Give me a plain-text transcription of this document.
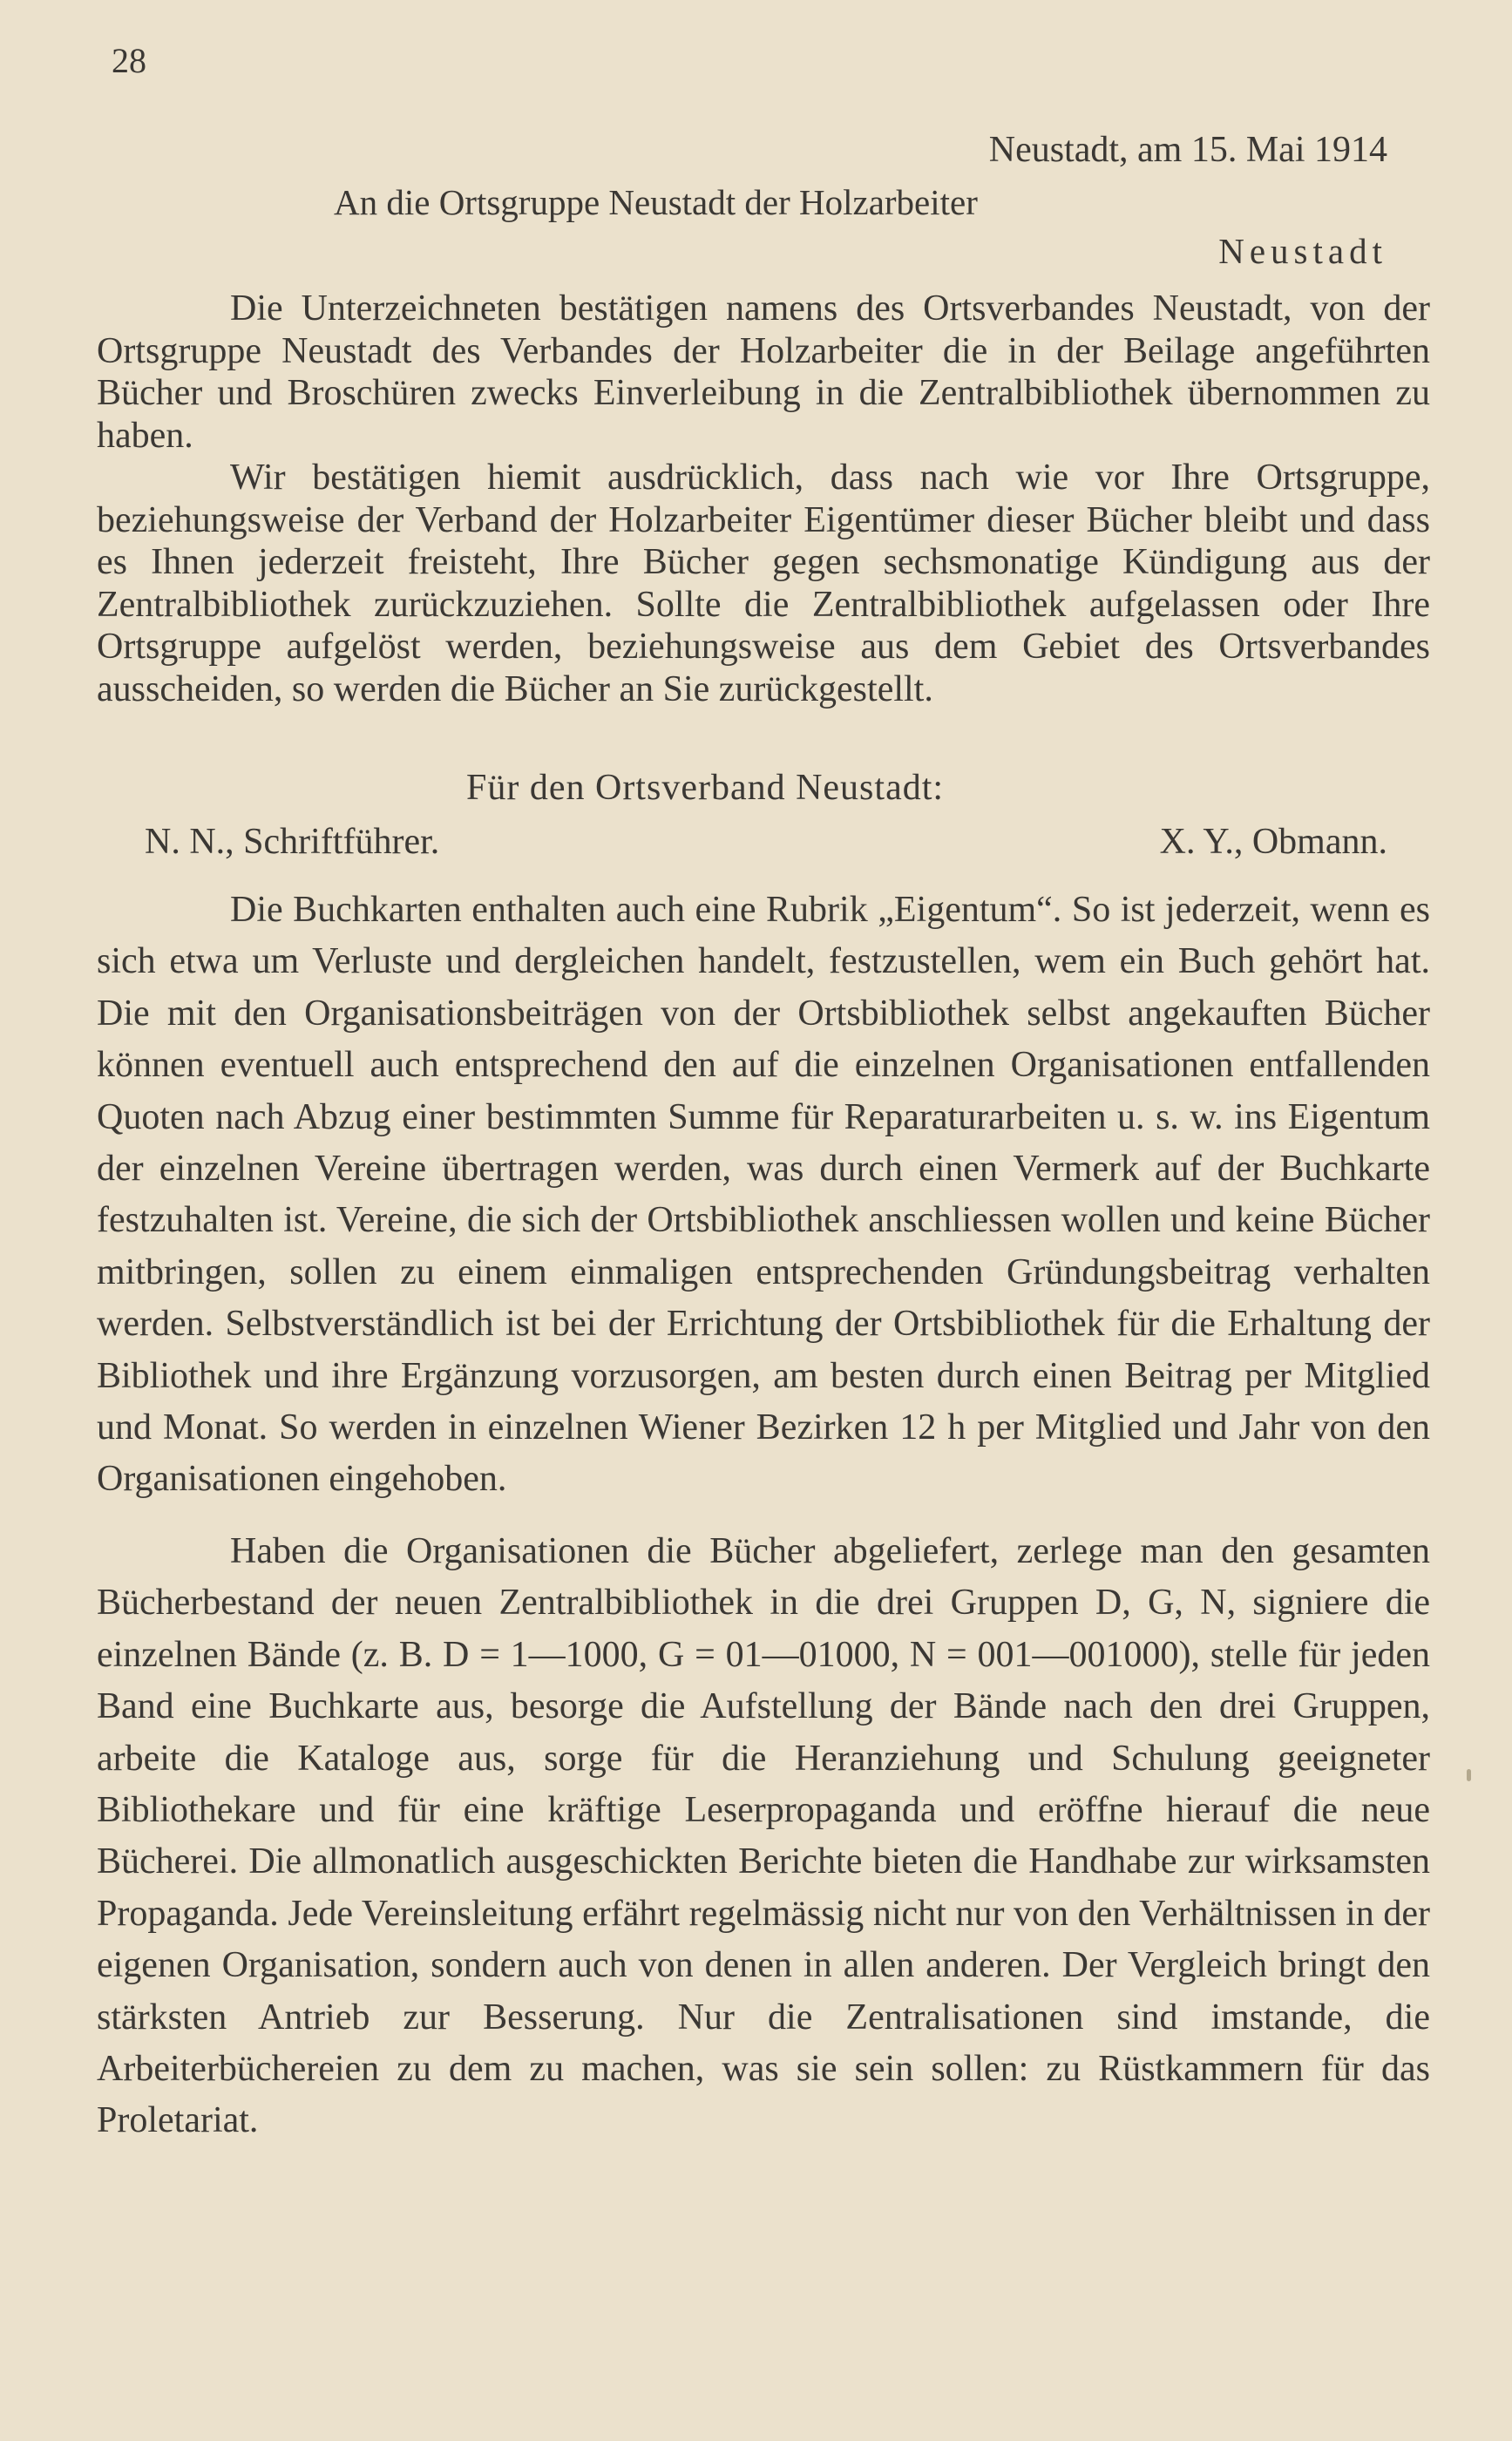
28
Neustadt, am 15. Mai 1914
An die Ortsgruppe Neustadt der Holzarbeiter
Neustadt

Die Unterzeichneten bestätigen namens des Ortsverbandes Neustadt, von der Ortsgruppe Neustadt des Verbandes der Holzarbeiter die in der Beilage angeführten Bücher und Broschüren zwecks Einverleibung in die Zentralbibliothek übernommen zu haben.

Wir bestätigen hiemit ausdrücklich, dass nach wie vor Ihre Ortsgruppe, beziehungsweise der Verband der Holzarbeiter Eigentümer dieser Bücher bleibt und dass es Ihnen jederzeit freisteht, Ihre Bücher gegen sechsmonatige Kündigung aus der Zentralbibliothek zurückzuziehen. Sollte die Zentralbibliothek aufgelassen oder Ihre Ortsgruppe aufgelöst werden, beziehungsweise aus dem Gebiet des Ortsverbandes ausscheiden, so werden die Bücher an Sie zurückgestellt.

Für den Ortsverband Neustadt:
N. N., Schriftführer.	X. Y., Obmann.

Die Buchkarten enthalten auch eine Rubrik „Eigentum“. So ist jederzeit, wenn es sich etwa um Verluste und dergleichen handelt, festzustellen, wem ein Buch gehört hat. Die mit den Organisationsbeiträgen von der Ortsbibliothek selbst angekauften Bücher können eventuell auch entsprechend den auf die einzelnen Organisationen entfallenden Quoten nach Abzug einer bestimmten Summe für Reparaturarbeiten u. s. w. ins Eigentum der einzelnen Vereine übertragen werden, was durch einen Vermerk auf der Buchkarte festzuhalten ist. Vereine, die sich der Ortsbibliothek anschliessen wollen und keine Bücher mitbringen, sollen zu einem einmaligen entsprechenden Gründungsbeitrag verhalten werden. Selbstverständlich ist bei der Errichtung der Ortsbibliothek für die Erhaltung der Bibliothek und ihre Ergänzung vorzusorgen, am besten durch einen Beitrag per Mitglied und Monat. So werden in einzelnen Wiener Bezirken 12 h per Mitglied und Jahr von den Organisationen eingehoben.

Haben die Organisationen die Bücher abgeliefert, zerlege man den gesamten Bücherbestand der neuen Zentralbibliothek in die drei Gruppen D, G, N, signiere die einzelnen Bände (z. B. D = 1—1000, G = 01—01000, N = 001—001000), stelle für jeden Band eine Buchkarte aus, besorge die Aufstellung der Bände nach den drei Gruppen, arbeite die Kataloge aus, sorge für die Heranziehung und Schulung geeigneter Bibliothekare und für eine kräftige Leserpropaganda und eröffne hierauf die neue Bücherei. Die allmonatlich ausgeschickten Berichte bieten die Handhabe zur wirksamsten Propaganda. Jede Vereinsleitung erfährt regelmässig nicht nur von den Verhältnissen in der eigenen Organisation, sondern auch von denen in allen anderen. Der Vergleich bringt den stärksten Antrieb zur Besserung. Nur die Zentralisationen sind imstande, die Arbeiterbüchereien zu dem zu machen, was sie sein sollen: zu Rüstkammern für das Proletariat.
